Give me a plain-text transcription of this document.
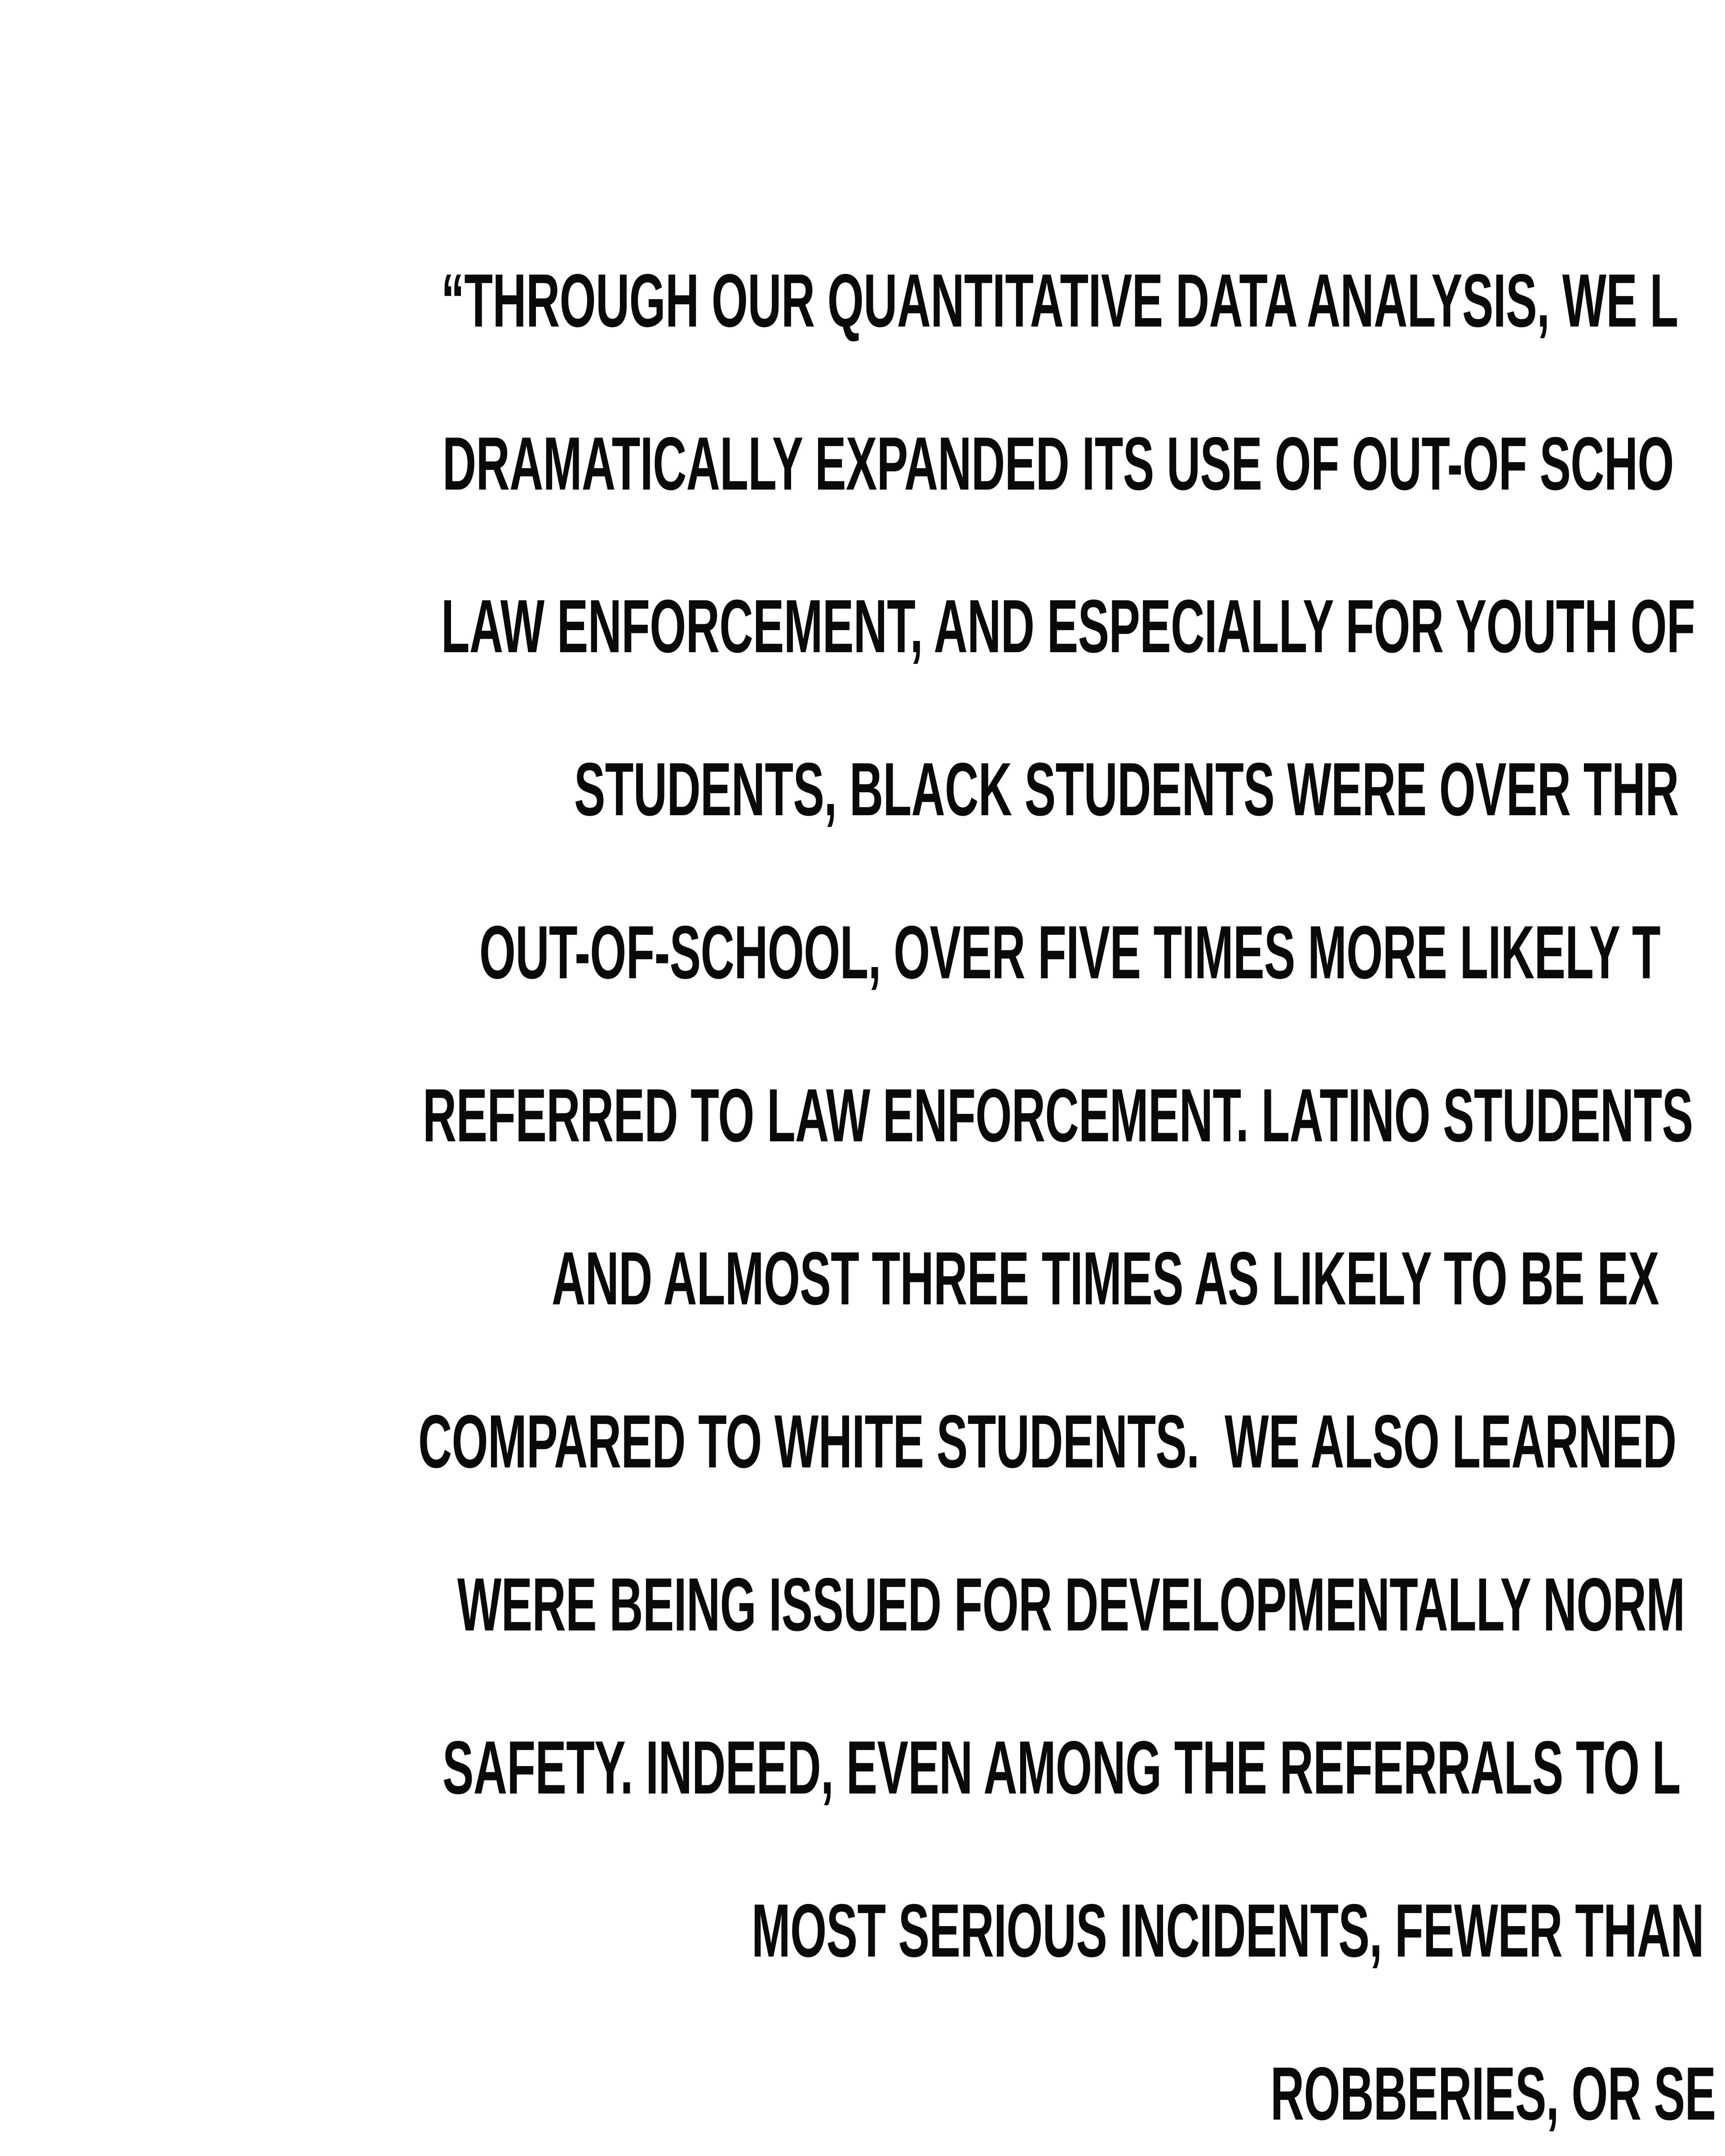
“THROUGH OUR QUANTITATIVE DATA ANALYSIS, WE L
DRAMATICALLY EXPANDED ITS USE OF OUT-OF SCHO
LAW ENFORCEMENT, AND ESPECIALLY FOR YOUTH OF
STUDENTS, BLACK STUDENTS WERE OVER THR
OUT-OF-SCHOOL, OVER FIVE TIMES MORE LIKELY T
REFERRED TO LAW ENFORCEMENT. LATINO STUDENTS
AND ALMOST THREE TIMES AS LIKELY TO BE EX
COMPARED TO WHITE STUDENTS.  WE ALSO LEARNED
WERE BEING ISSUED FOR DEVELOPMENTALLY NORM
SAFETY. INDEED, EVEN AMONG THE REFERRALS TO L
MOST SERIOUS INCIDENTS, FEWER THAN
ROBBERIES, OR SE
